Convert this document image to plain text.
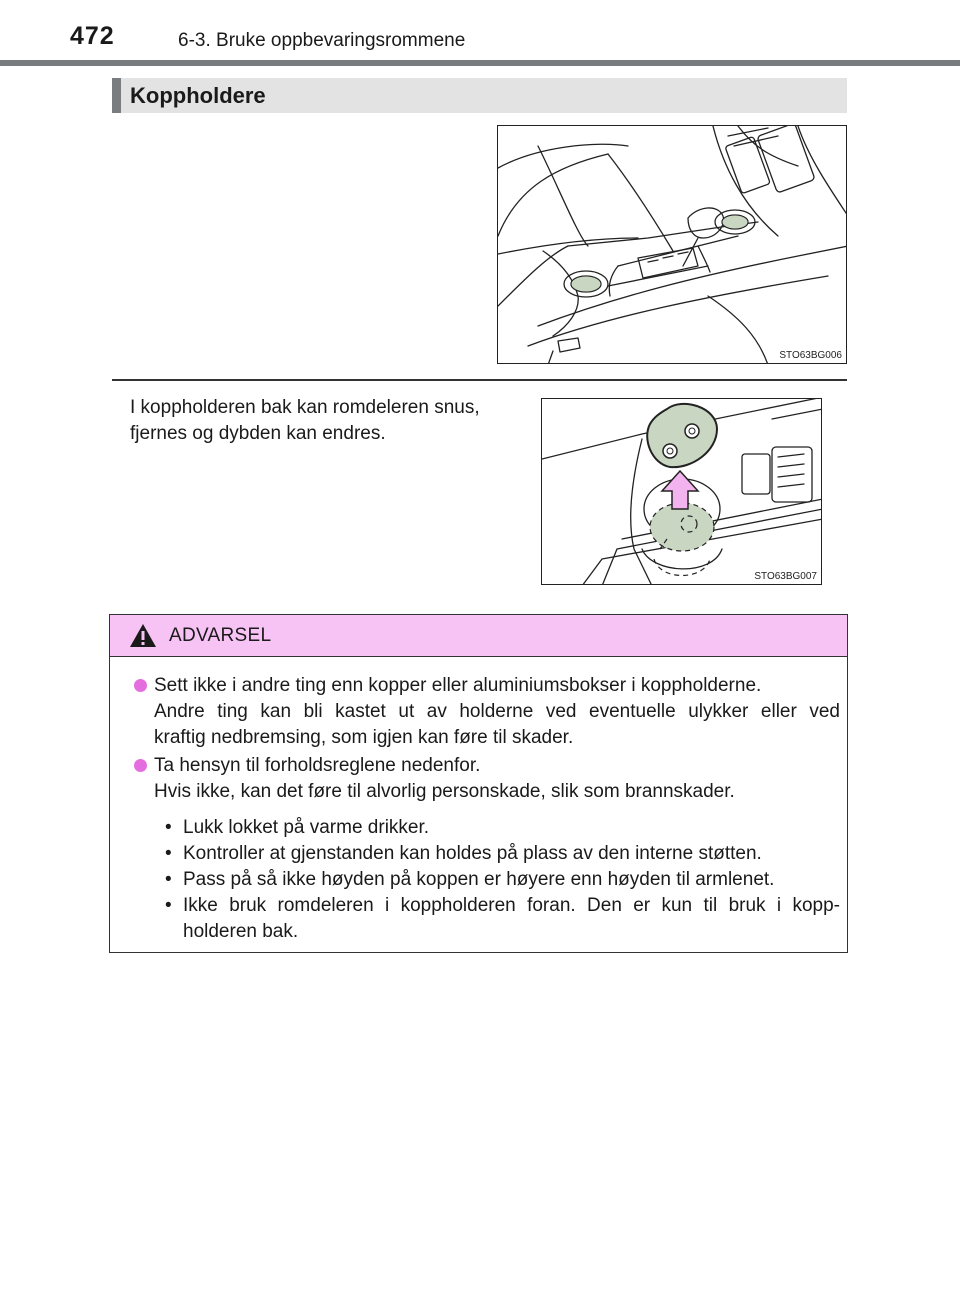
472	6-3. Bruke oppbevaringsrommene
Koppholdere
STO63BG006
I koppholderen bak kan romdeleren snus,
fjernes og dybden kan endres.
STO63BG007
ADVARSEL

Sett ikke i andre ting enn kopper eller aluminiumsbokser i koppholderne.

Andre ting kan bli kastet ut av holderne ved eventuelle ulykker eller ved

kraftig nedbremsing, som igjen kan føre til skader.

Ta hensyn til forholdsreglene nedenfor.

Hvis ikke, kan det føre til alvorlig personskade, slik som brannskader.

• Lukk lokket på varme drikker.
• Kontroller at gjenstanden kan holdes på plass av den interne støtten.
• Pass på så ikke høyden på koppen er høyere enn høyden til armlenet.
• Ikke bruk romdeleren i koppholderen foran. Den er kun til bruk i kopp-
holderen bak.
